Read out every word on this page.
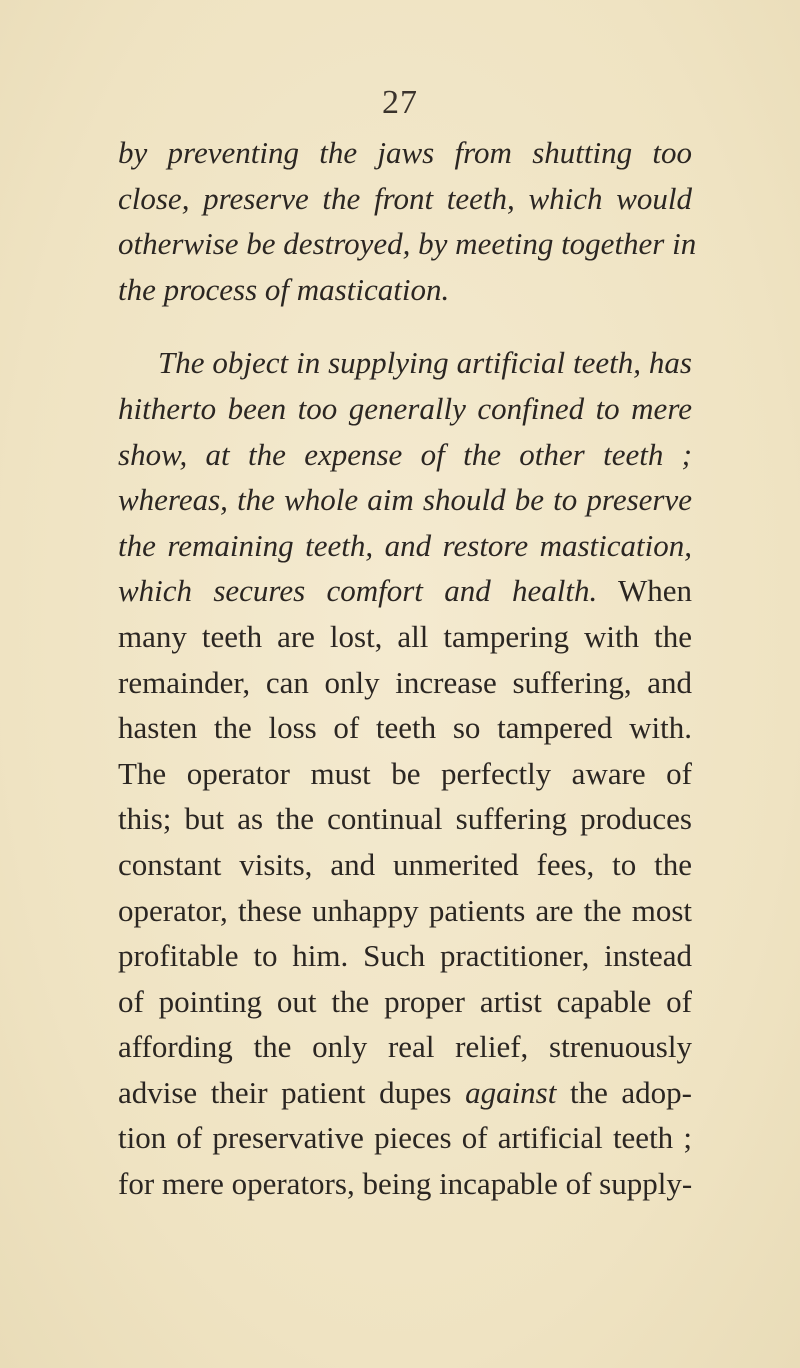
27
by preventing the jaws from shutting too
close, preserve the front teeth, which would
otherwise be destroyed, by meeting together in
the process of mastication.
The object in supplying artificial teeth, has
hitherto been too generally confined to mere
show, at the expense of the other teeth ;
whereas, the whole aim should be to preserve
the remaining teeth, and restore mastication,
which secures comfort and health. When
many teeth are lost, all tampering with the
remainder, can only increase suffering, and
hasten the loss of teeth so tampered with.
The operator must be perfectly aware of
this; but as the continual suffering produces
constant visits, and unmerited fees, to the
operator, these unhappy patients are the most
profitable to him. Such practitioner, instead
of pointing out the proper artist capable of
affording the only real relief, strenuously
advise their patient dupes against the adop-
tion of preservative pieces of artificial teeth ;
for mere operators, being incapable of supply-
